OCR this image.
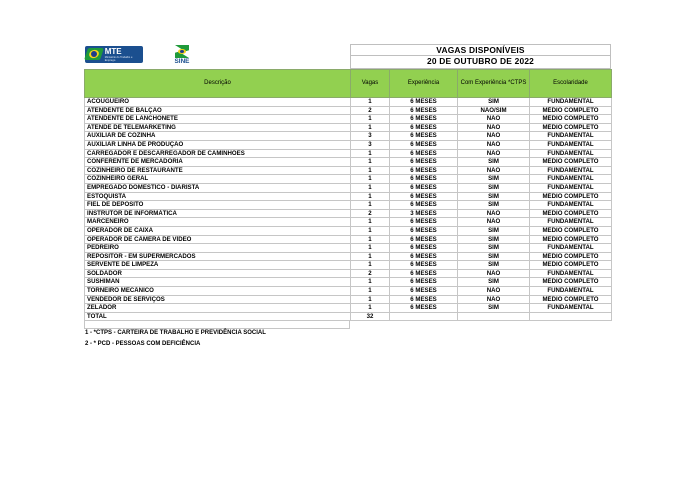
MTE
Ministério do Trabalho e Emprego	SINE
VAGAS DISPONÍVEIS
20 DE OUTUBRO DE 2022
Descrição	Vagas	Experiência	Com Experiência *CTPS	Escolaridade
ACOUGUEIRO	1	6 MESES	SIM	FUNDAMENTAL
ATENDENTE DE BALÇÃO	2	6 MESES	NÃO/SIM	MÉDIO COMPLETO
ATENDENTE DE LANCHONETE	1	6 MESES	NÃO	MÉDIO COMPLETO
ATENDE DE TELEMARKETING	1	6 MESES	NÃO	MÉDIO COMPLETO
AUXILIAR DE COZINHA	3	6 MESES	NÃO	FUNDAMENTAL
AUXILIAR LINHA DE PRODUÇÃO	3	6 MESES	NÃO	FUNDAMENTAL
CARREGADOR E DESCARREGADOR DE CAMINHÕES	1	6 MESES	NÃO	FUNDAMENTAL
CONFERENTE DE MERCADORIA	1	6 MESES	SIM	MÉDIO COMPLETO
COZINHEIRO DE RESTAURANTE	1	6 MESES	NÃO	FUNDAMENTAL
COZINHEIRO GERAL	1	6 MESES	SIM	FUNDAMENTAL
EMPREGADO DOMESTICO - DIARISTA	1	6 MESES	SIM	FUNDAMENTAL
ESTOQUISTA	1	6 MESES	SIM	MÉDIO COMPLETO
FIEL DE DEPÓSITO	1	6 MESES	SIM	FUNDAMENTAL
INSTRUTOR DE INFORMÁTICA	2	3 MESES	NÃO	MÉDIO COMPLETO
MARCENEIRO	1	6 MESES	NÃO	FUNDAMENTAL
OPERADOR DE CAIXA	1	6 MESES	SIM	MEDIO COMPLETO
OPERADOR DE CÂMERA DE VÍDEO	1	6 MESES	SIM	MEDIO COMPLETO
PEDREIRO	1	6 MESES	SIM	FUNDAMENTAL
REPOSITOR - EM SUPERMERCADOS	1	6 MESES	SIM	MÉDIO COMPLETO
SERVENTE DE LIMPEZA	1	6 MESES	SIM	MEDIO COMPLETO
SOLDADOR	2	6 MESES	NÃO	FUNDAMENTAL
SUSHIMAN	1	6 MESES	SIM	MÉDIO COMPLETO
TORNEIRO MECÂNICO	1	6 MESES	NÃO	FUNDAMENTAL
VENDEDOR DE SERVIÇOS	1	6 MESES	NÃO	MÉDIO COMPLETO
ZELADOR	1	6 MESES	SIM	FUNDAMENTAL
TOTAL	32			
1 - *CTPS - CARTEIRA DE TRABALHO E PREVIDÊNCIA SOCIAL
2 - * PCD - PESSOAS COM DEFICIÊNCIA
